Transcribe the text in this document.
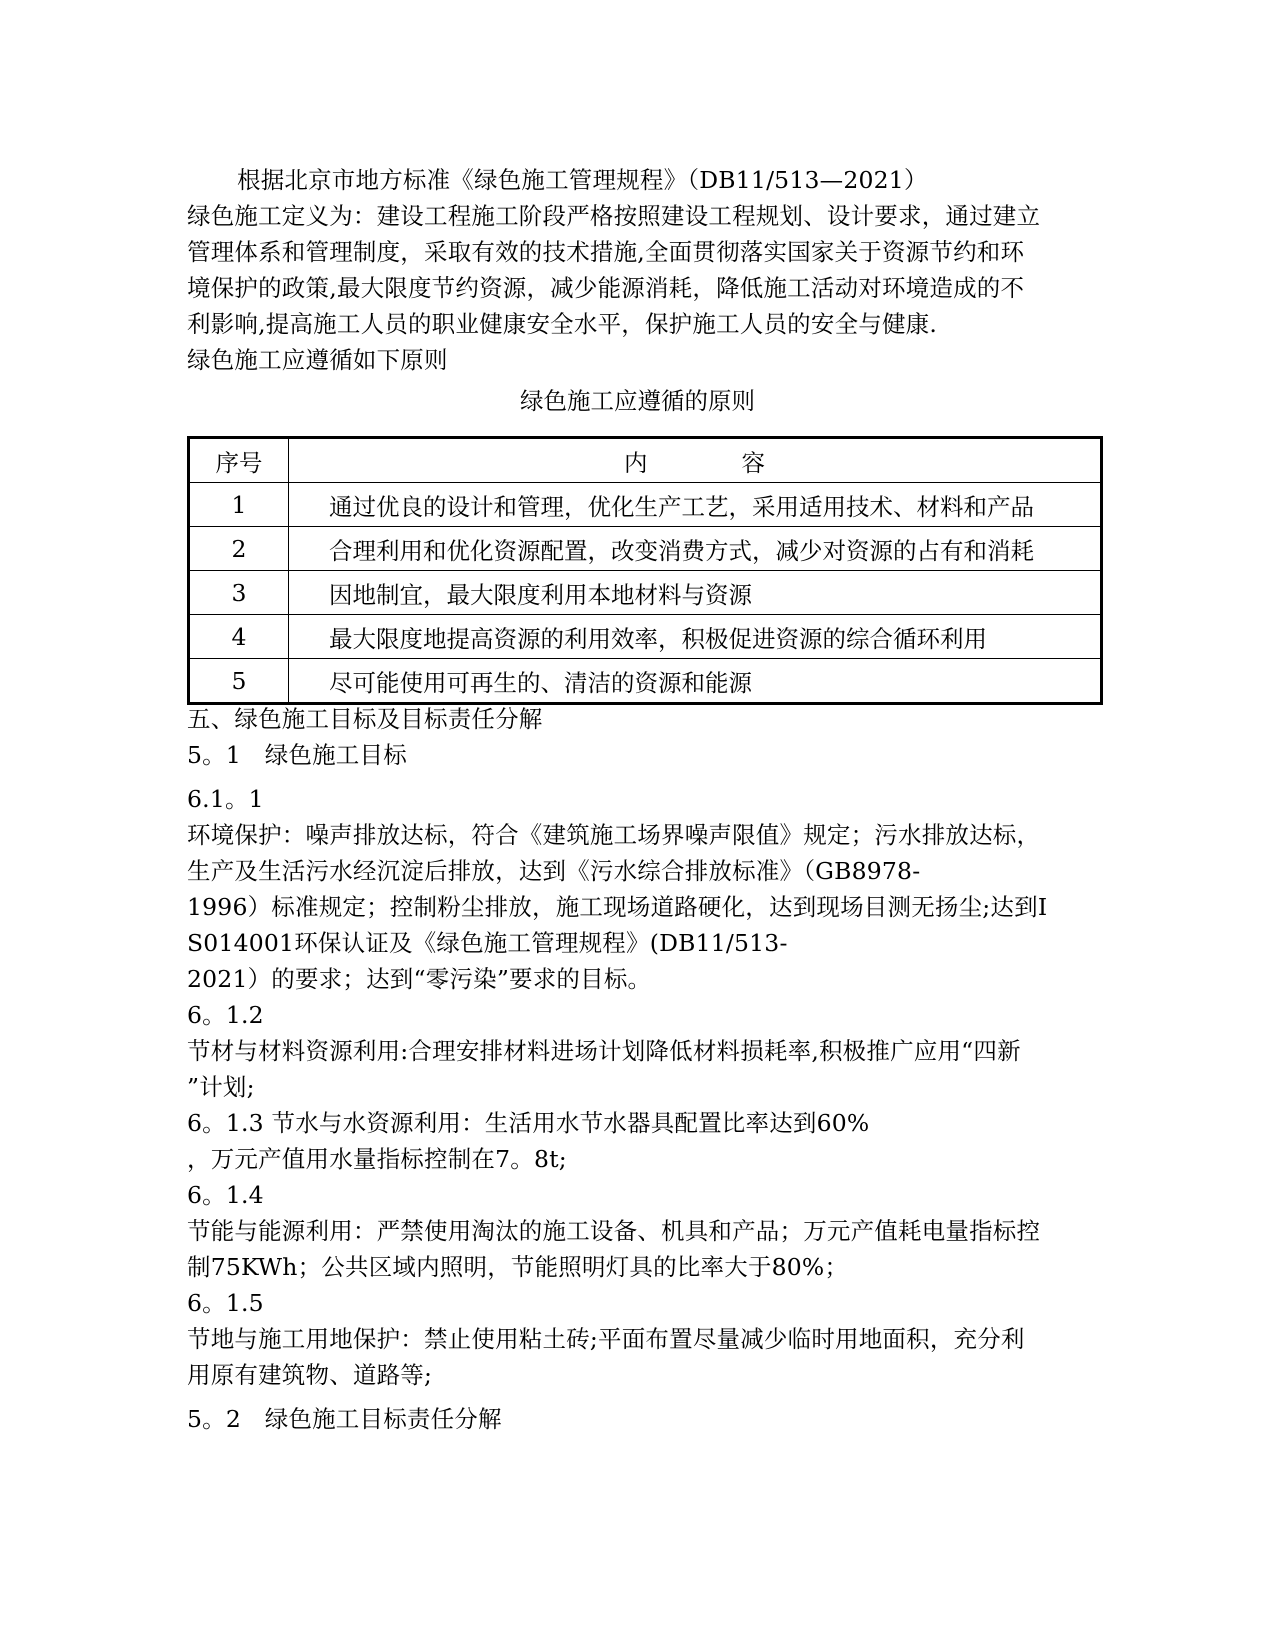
根据北京市地方标准《绿色施工管理规程》（DB11/513—2021）
绿色施工定义为：建设工程施工阶段严格按照建设工程规划、设计要求，通过建立
管理体系和管理制度，采取有效的技术措施,全面贯彻落实国家关于资源节约和环
境保护的政策,最大限度节约资源，减少能源消耗，降低施工活动对环境造成的不
利影响,提高施工人员的职业健康安全水平，保护施工人员的安全与健康.
绿色施工应遵循如下原则
绿色施工应遵循的原则
序号	内容
1	通过优良的设计和管理，优化生产工艺，采用适用技术、材料和产品
2	合理利用和优化资源配置，改变消费方式，减少对资源的占有和消耗
3	因地制宜，最大限度利用本地材料与资源
4	最大限度地提高资源的利用效率，积极促进资源的综合循环利用
5	尽可能使用可再生的、清洁的资源和能源
五、绿色施工目标及目标责任分解
5。1　绿色施工目标
6.1。1
环境保护：噪声排放达标，符合《建筑施工场界噪声限值》规定；污水排放达标，
生产及生活污水经沉淀后排放，达到《污水综合排放标准》（GB8978-
1996）标准规定；控制粉尘排放，施工现场道路硬化，达到现场目测无扬尘;达到I
S014001环保认证及《绿色施工管理规程》(DB11/513-
2021）的要求；达到“零污染”要求的目标。
6。1.2
节材与材料资源利用:合理安排材料进场计划降低材料损耗率,积极推广应用“四新
”计划;
6。1.3 节水与水资源利用：生活用水节水器具配置比率达到60%
，万元产值用水量指标控制在7。8t;
6。1.4
节能与能源利用：严禁使用淘汰的施工设备、机具和产品；万元产值耗电量指标控
制75KWh；公共区域内照明，节能照明灯具的比率大于80%；
6。1.5
节地与施工用地保护：禁止使用粘土砖;平面布置尽量减少临时用地面积，充分利
用原有建筑物、道路等;
5。2　绿色施工目标责任分解
